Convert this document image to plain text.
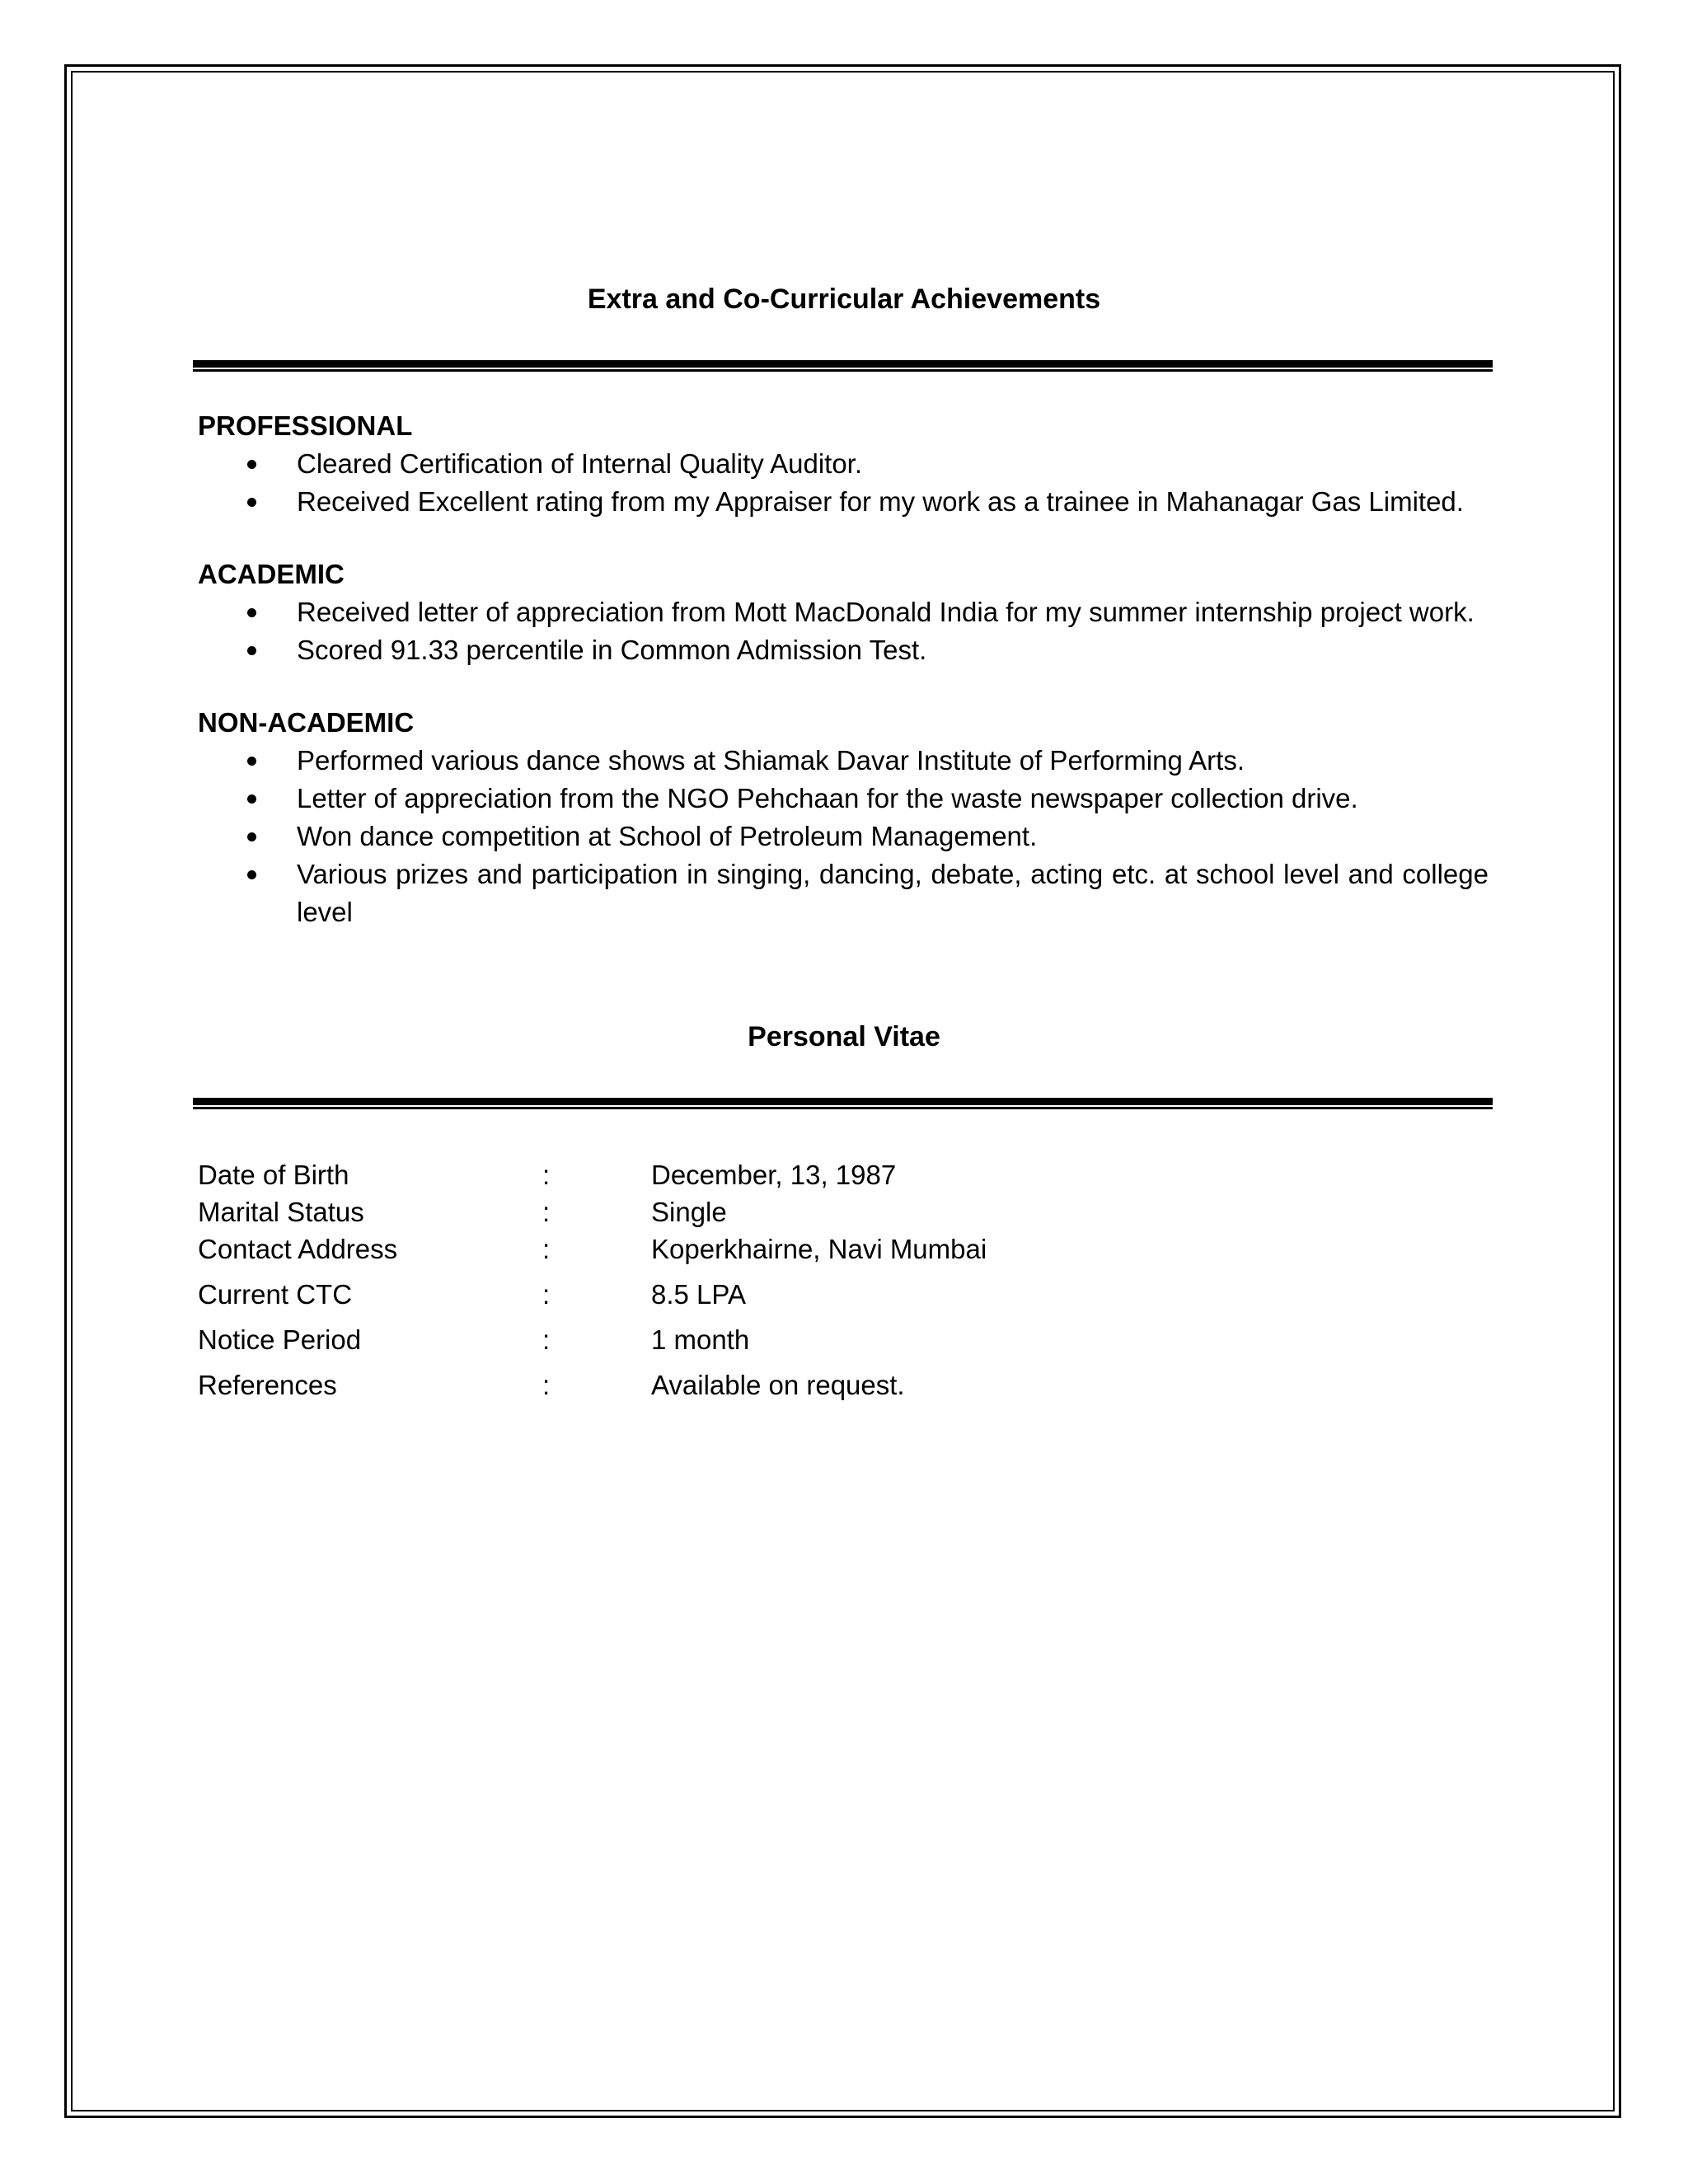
Extra and Co-Curricular Achievements

PROFESSIONAL

Cleared Certification of Internal Quality Auditor.
Received Excellent rating from my Appraiser for my work as a trainee in Mahanagar Gas Limited.

ACADEMIC

Received letter of appreciation from Mott MacDonald India for my summer internship project work.
Scored 91.33 percentile in Common Admission Test.

NON-ACADEMIC

Performed various dance shows at Shiamak Davar Institute of Performing Arts.
Letter of appreciation from the NGO Pehchaan for the waste newspaper collection drive.
Won dance competition at School of Petroleum Management.
Various prizes and participation in singing, dancing, debate, acting etc. at school level and college level
Personal Vitae
Date of Birth	:	December, 13, 1987
Marital Status	:	Single
Contact Address	:	Koperkhairne, Navi Mumbai
Current CTC	:	8.5 LPA
Notice Period	:	1 month
References	:	Available on request.
